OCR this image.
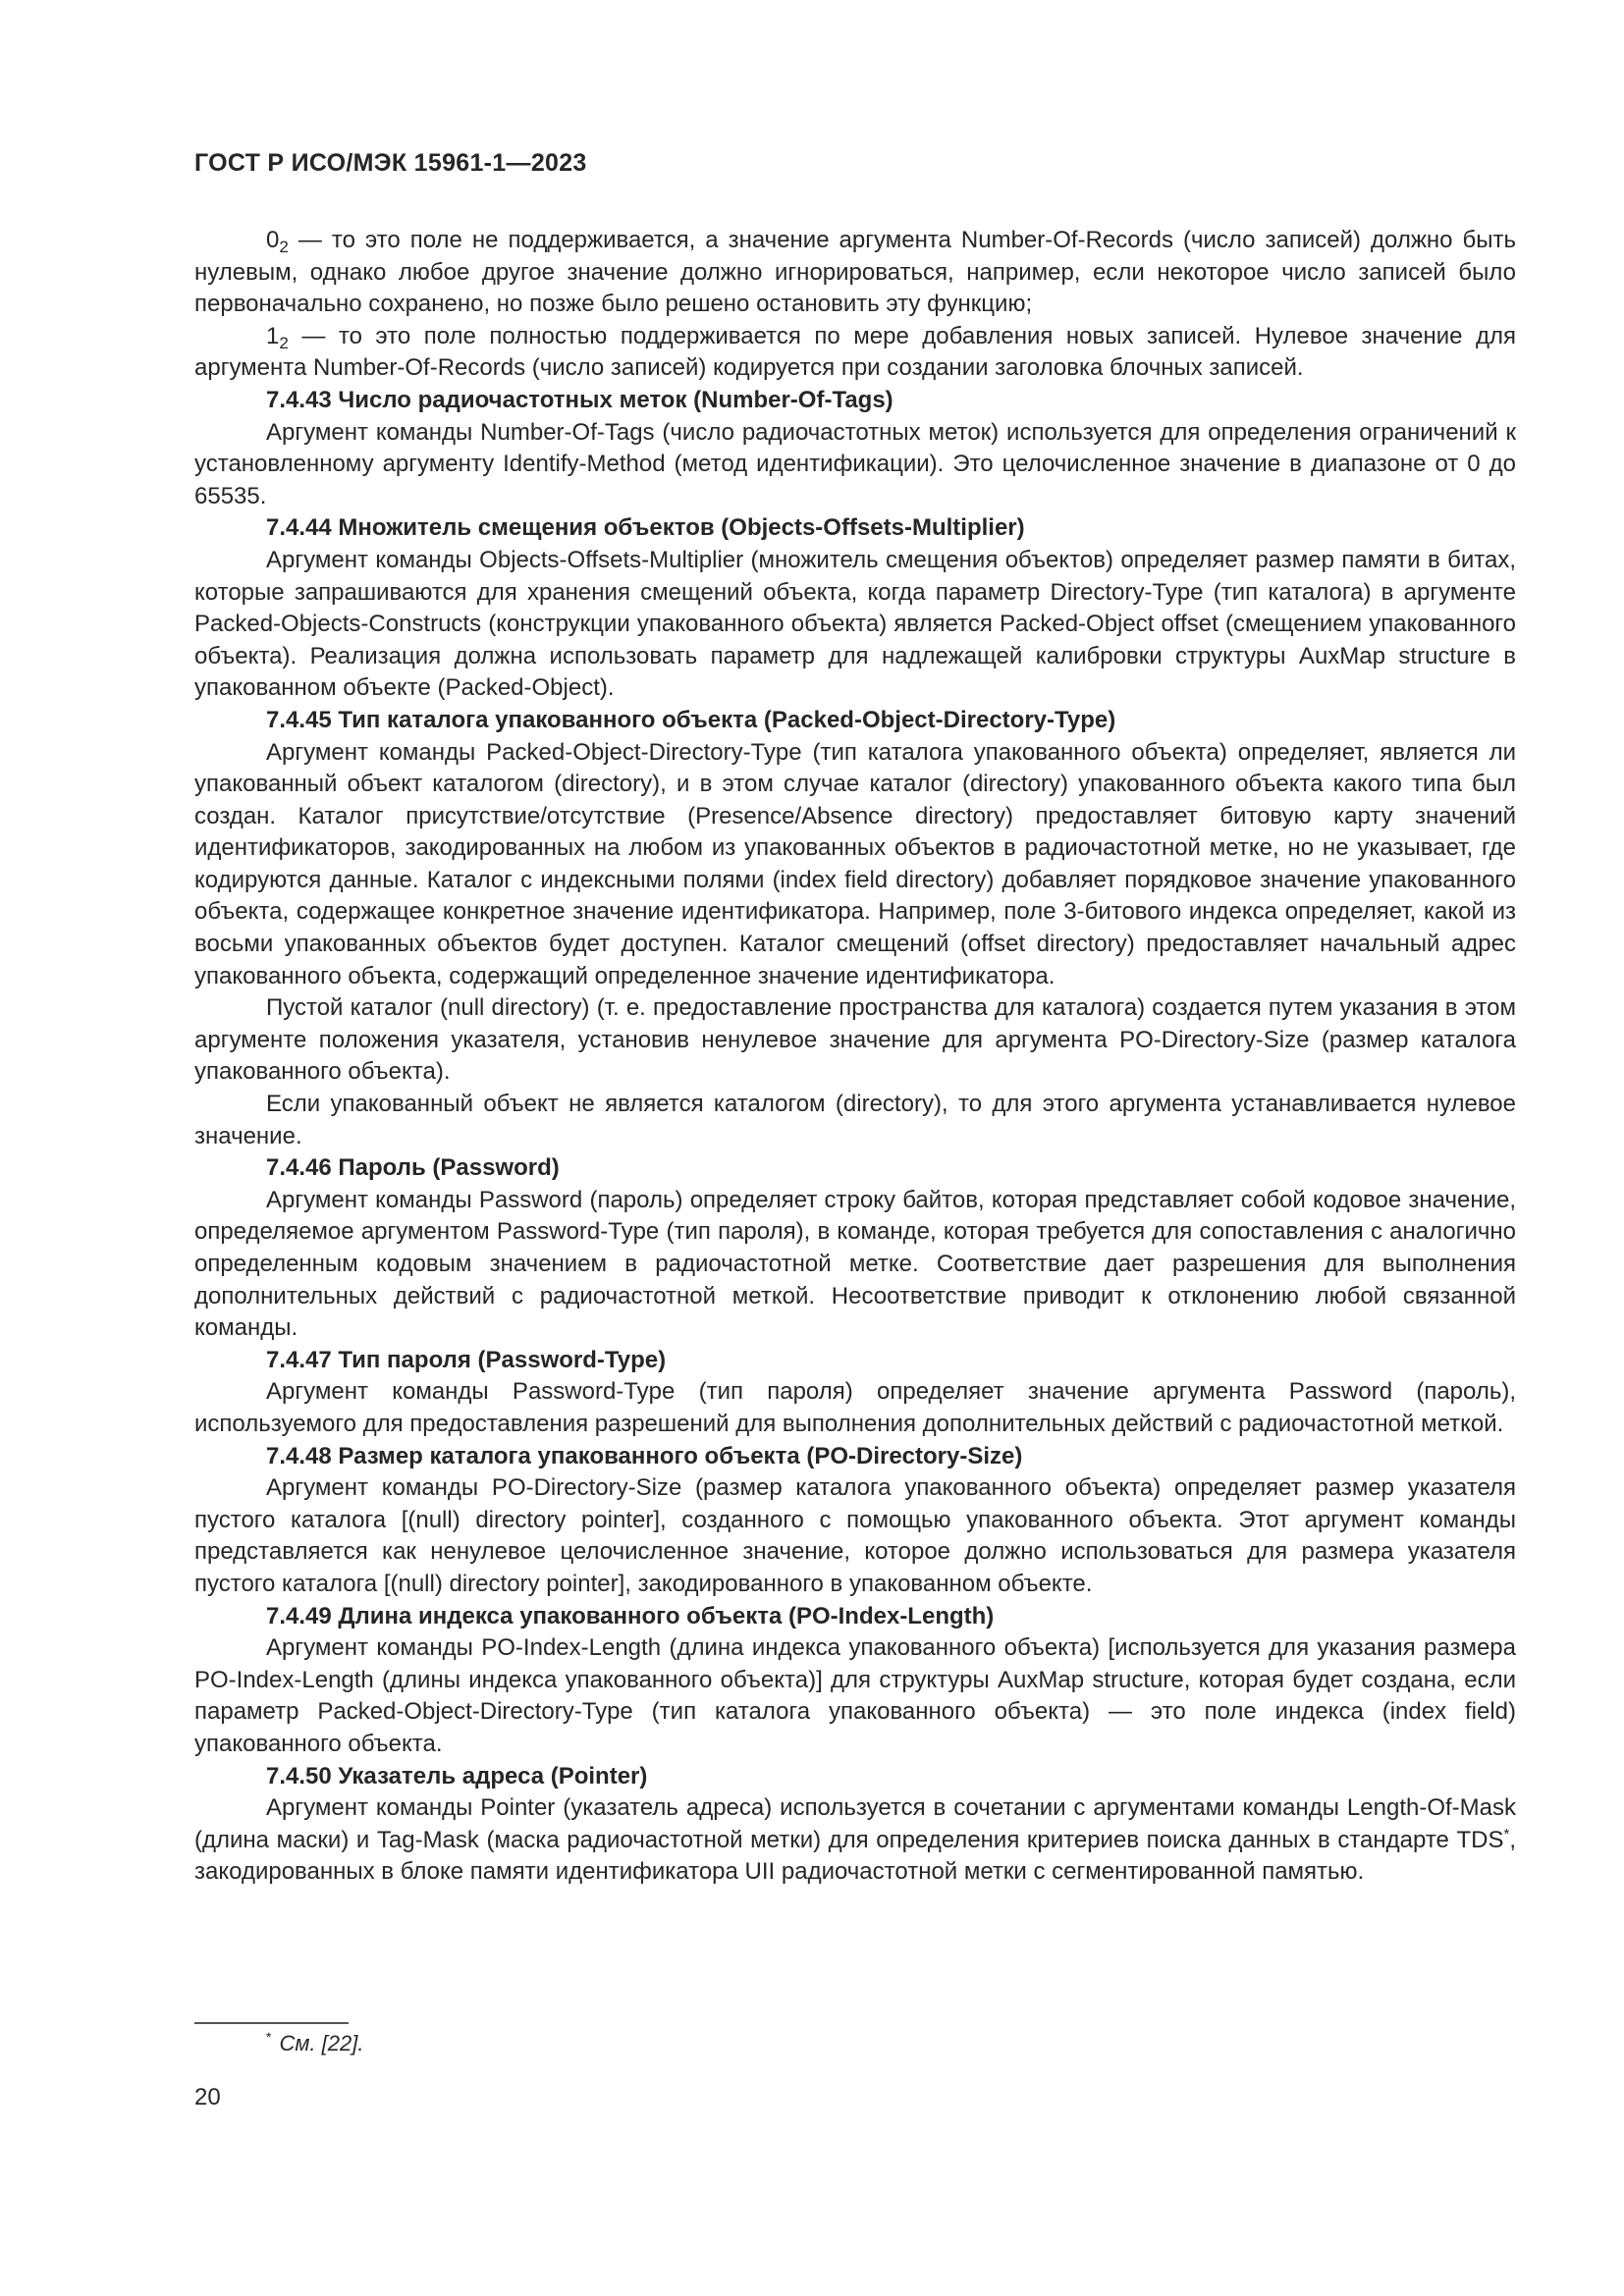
ГОСТ Р ИСО/МЭК 15961-1—2023

$0_2$ — то это поле не поддерживается, а значение аргумента Number-Of-Records (число записей) должно быть нулевым, однако любое другое значение должно игнорироваться, например, если некоторое число записей было первоначально сохранено, но позже было решено остановить эту функцию;

$1_2$ — то это поле полностью поддерживается по мере добавления новых записей. Нулевое значение для аргумента Number-Of-Records (число записей) кодируется при создании заголовка блочных записей.

7.4.43 Число радиочастотных меток (Number-Of-Tags)

Аргумент команды Number-Of-Tags (число радиочастотных меток) используется для определения ограничений к установленному аргументу Identify-Method (метод идентификации). Это целочисленное значение в диапазоне от 0 до 65535.

7.4.44 Множитель смещения объектов (Objects-Offsets-Multiplier)

Аргумент команды Objects-Offsets-Multiplier (множитель смещения объектов) определяет размер памяти в битах, которые запрашиваются для хранения смещений объекта, когда параметр Directory-Type (тип каталога) в аргументе Packed-Objects-Constructs (конструкции упакованного объекта) является Packed-Object offset (смещением упакованного объекта). Реализация должна использовать параметр для надлежащей калибровки структуры AuxMap structure в упакованном объекте (Packed-Object).

7.4.45 Тип каталога упакованного объекта (Packed-Object-Directory-Type)

Аргумент команды Packed-Object-Directory-Type (тип каталога упакованного объекта) определяет, является ли упакованный объект каталогом (directory), и в этом случае каталог (directory) упакованного объекта какого типа был создан. Каталог присутствие/отсутствие (Presence/Absence directory) предоставляет битовую карту значений идентификаторов, закодированных на любом из упакованных объектов в радиочастотной метке, но не указывает, где кодируются данные. Каталог с индексными полями (index field directory) добавляет порядковое значение упакованного объекта, содержащее конкретное значение идентификатора. Например, поле 3-битового индекса определяет, какой из восьми упакованных объектов будет доступен. Каталог смещений (offset directory) предоставляет начальный адрес упакованного объекта, содержащий определенное значение идентификатора.

Пустой каталог (null directory) (т. е. предоставление пространства для каталога) создается путем указания в этом аргументе положения указателя, установив ненулевое значение для аргумента PO-Directory-Size (размер каталога упакованного объекта).

Если упакованный объект не является каталогом (directory), то для этого аргумента устанавливается нулевое значение.

7.4.46 Пароль (Password)

Аргумент команды Password (пароль) определяет строку байтов, которая представляет собой кодовое значение, определяемое аргументом Password-Type (тип пароля), в команде, которая требуется для сопоставления с аналогично определенным кодовым значением в радиочастотной метке. Соответствие дает разрешения для выполнения дополнительных действий с радиочастотной меткой. Несоответствие приводит к отклонению любой связанной команды.

7.4.47 Тип пароля (Password-Type)

Аргумент команды Password-Type (тип пароля) определяет значение аргумента Password (пароль), используемого для предоставления разрешений для выполнения дополнительных действий с радиочастотной меткой.

7.4.48 Размер каталога упакованного объекта (PO-Directory-Size)

Аргумент команды PO-Directory-Size (размер каталога упакованного объекта) определяет размер указателя пустого каталога [(null) directory pointer], созданного с помощью упакованного объекта. Этот аргумент команды представляется как ненулевое целочисленное значение, которое должно использоваться для размера указателя пустого каталога [(null) directory pointer], закодированного в упакованном объекте.

7.4.49 Длина индекса упакованного объекта (PO-Index-Length)

Аргумент команды PO-Index-Length (длина индекса упакованного объекта) [используется для указания размера PO-Index-Length (длины индекса упакованного объекта)] для структуры AuxMap structure, которая будет создана, если параметр Packed-Object-Directory-Type (тип каталога упакованного объекта) — это поле индекса (index field) упакованного объекта.

7.4.50 Указатель адреса (Pointer)

Аргумент команды Pointer (указатель адреса) используется в сочетании с аргументами команды Length-Of-Mask (длина маски) и Tag-Mask (маска радиочастотной метки) для определения критериев поиска данных в стандарте TDS*, закодированных в блоке памяти идентификатора UII радиочастотной метки с сегментированной памятью.

* См. [22].
20
